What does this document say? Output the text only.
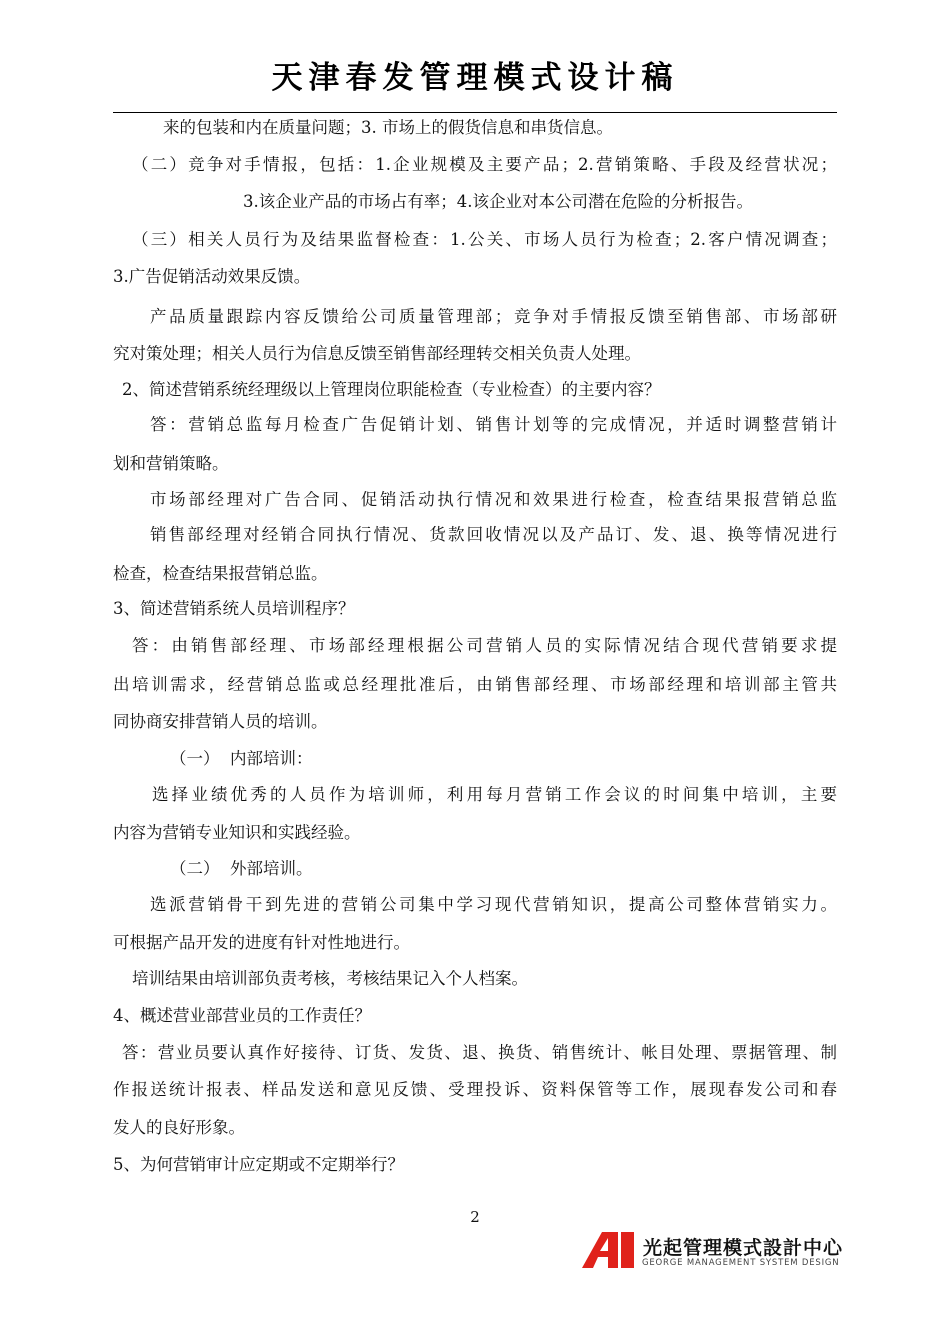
天津春发管理模式设计稿
来的包装和内在质量问题；3. 市场上的假货信息和串货信息。
（二）竞争对手情报，包括：1.企业规模及主要产品；2.营销策略、手段及经营状况；
3.该企业产品的市场占有率；4.该企业对本公司潜在危险的分析报告。
（三）相关人员行为及结果监督检查：1.公关、市场人员行为检查；2.客户情况调查；
3.广告促销活动效果反馈。
产品质量跟踪内容反馈给公司质量管理部；竞争对手情报反馈至销售部、市场部研
究对策处理；相关人员行为信息反馈至销售部经理转交相关负责人处理。
2、简述营销系统经理级以上管理岗位职能检查（专业检查）的主要内容？
答：营销总监每月检查广告促销计划、销售计划等的完成情况，并适时调整营销计
划和营销策略。
市场部经理对广告合同、促销活动执行情况和效果进行检查，检查结果报营销总监
销售部经理对经销合同执行情况、货款回收情况以及产品订、发、退、换等情况进行
检查，检查结果报营销总监。
3、简述营销系统人员培训程序？
答：由销售部经理、市场部经理根据公司营销人员的实际情况结合现代营销要求提
出培训需求，经营销总监或总经理批准后，由销售部经理、市场部经理和培训部主管共
同协商安排营销人员的培训。
（一）  内部培训：
选择业绩优秀的人员作为培训师，利用每月营销工作会议的时间集中培训，主要
内容为营销专业知识和实践经验。
（二）  外部培训。
选派营销骨干到先进的营销公司集中学习现代营销知识，提高公司整体营销实力。
可根据产品开发的进度有针对性地进行。
培训结果由培训部负责考核，考核结果记入个人档案。
4、概述营业部营业员的工作责任？
答：营业员要认真作好接待、订货、发货、退、换货、销售统计、帐目处理、票据管理、制
作报送统计报表、样品发送和意见反馈、受理投诉、资料保管等工作，展现春发公司和春
发人的良好形象。
5、为何营销审计应定期或不定期举行？
2
光起管理模式設計中心
GEORGE MANAGEMENT SYSTEM DESIGN
